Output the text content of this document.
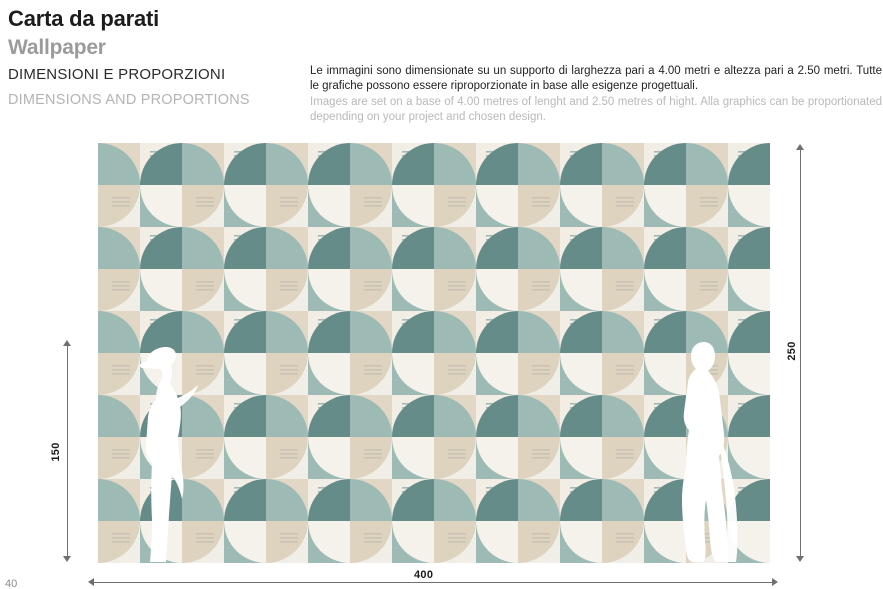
Carta da parati
Wallpaper
DIMENSIONI E PROPORZIONI
DIMENSIONS AND PROPORTIONS
Le immagini sono dimensionate su un supporto di larghezza pari a 4.00 metri e altezza pari a 2.50 metri. Tutte le grafiche possono essere riproporzionate in base alle esigenze progettuali.
Images are set on a base of 4.00 metres of lenght and 2.50 metres of hight. Alla graphics can be proportionated depending on your project and chosen design.
250
150
400
40
